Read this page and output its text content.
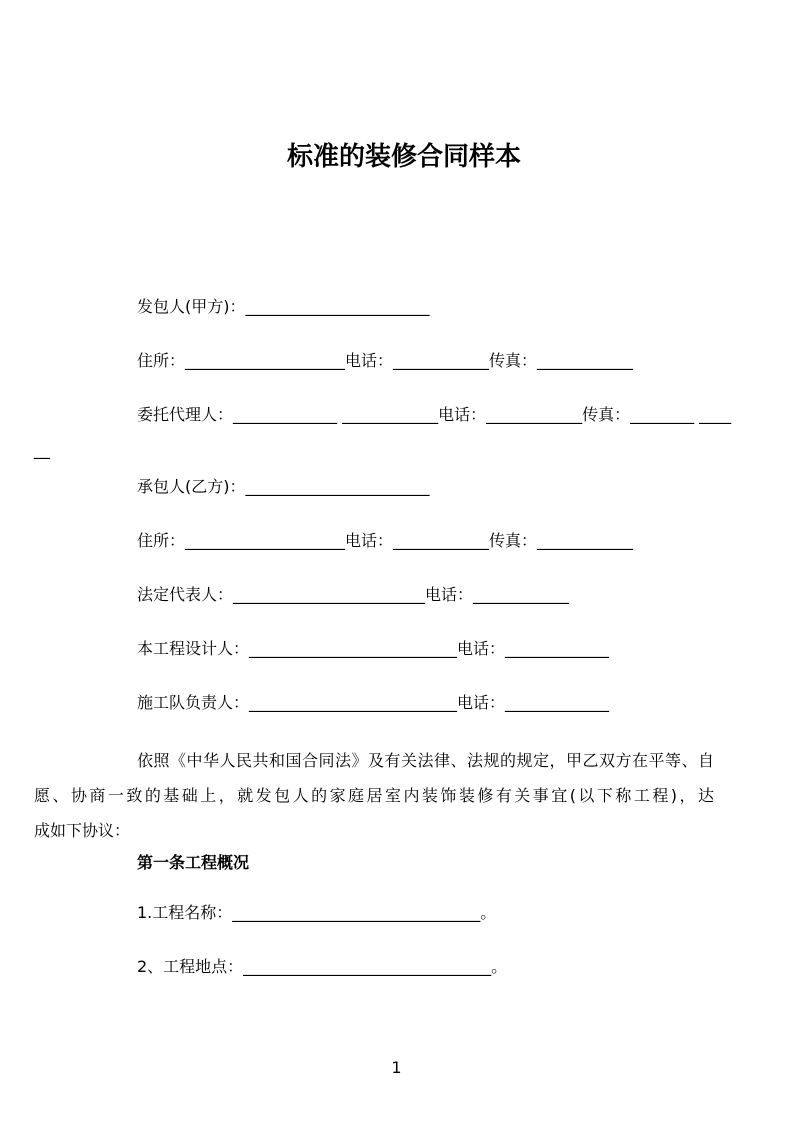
标准的装修合同样本
发包人(甲方)：_______________________
住所：____________________电话：____________传真：____________
委托代理人：_____________ ____________电话：____________传真：________ ____
__
承包人(乙方)：_______________________
住所：____________________电话：____________传真：____________
法定代表人：________________________电话：____________
本工程设计人：__________________________电话：_____________
施工队负责人：__________________________电话：_____________
依照《中华人民共和国合同法》及有关法律、法规的规定，甲乙双方在平等、自
愿、协商一致的基础上，就发包人的家庭居室内装饰装修有关事宜(以下称工程)，达
成如下协议：
第一条工程概况
1.工程名称：_______________________________。
2、工程地点：_______________________________。
1
